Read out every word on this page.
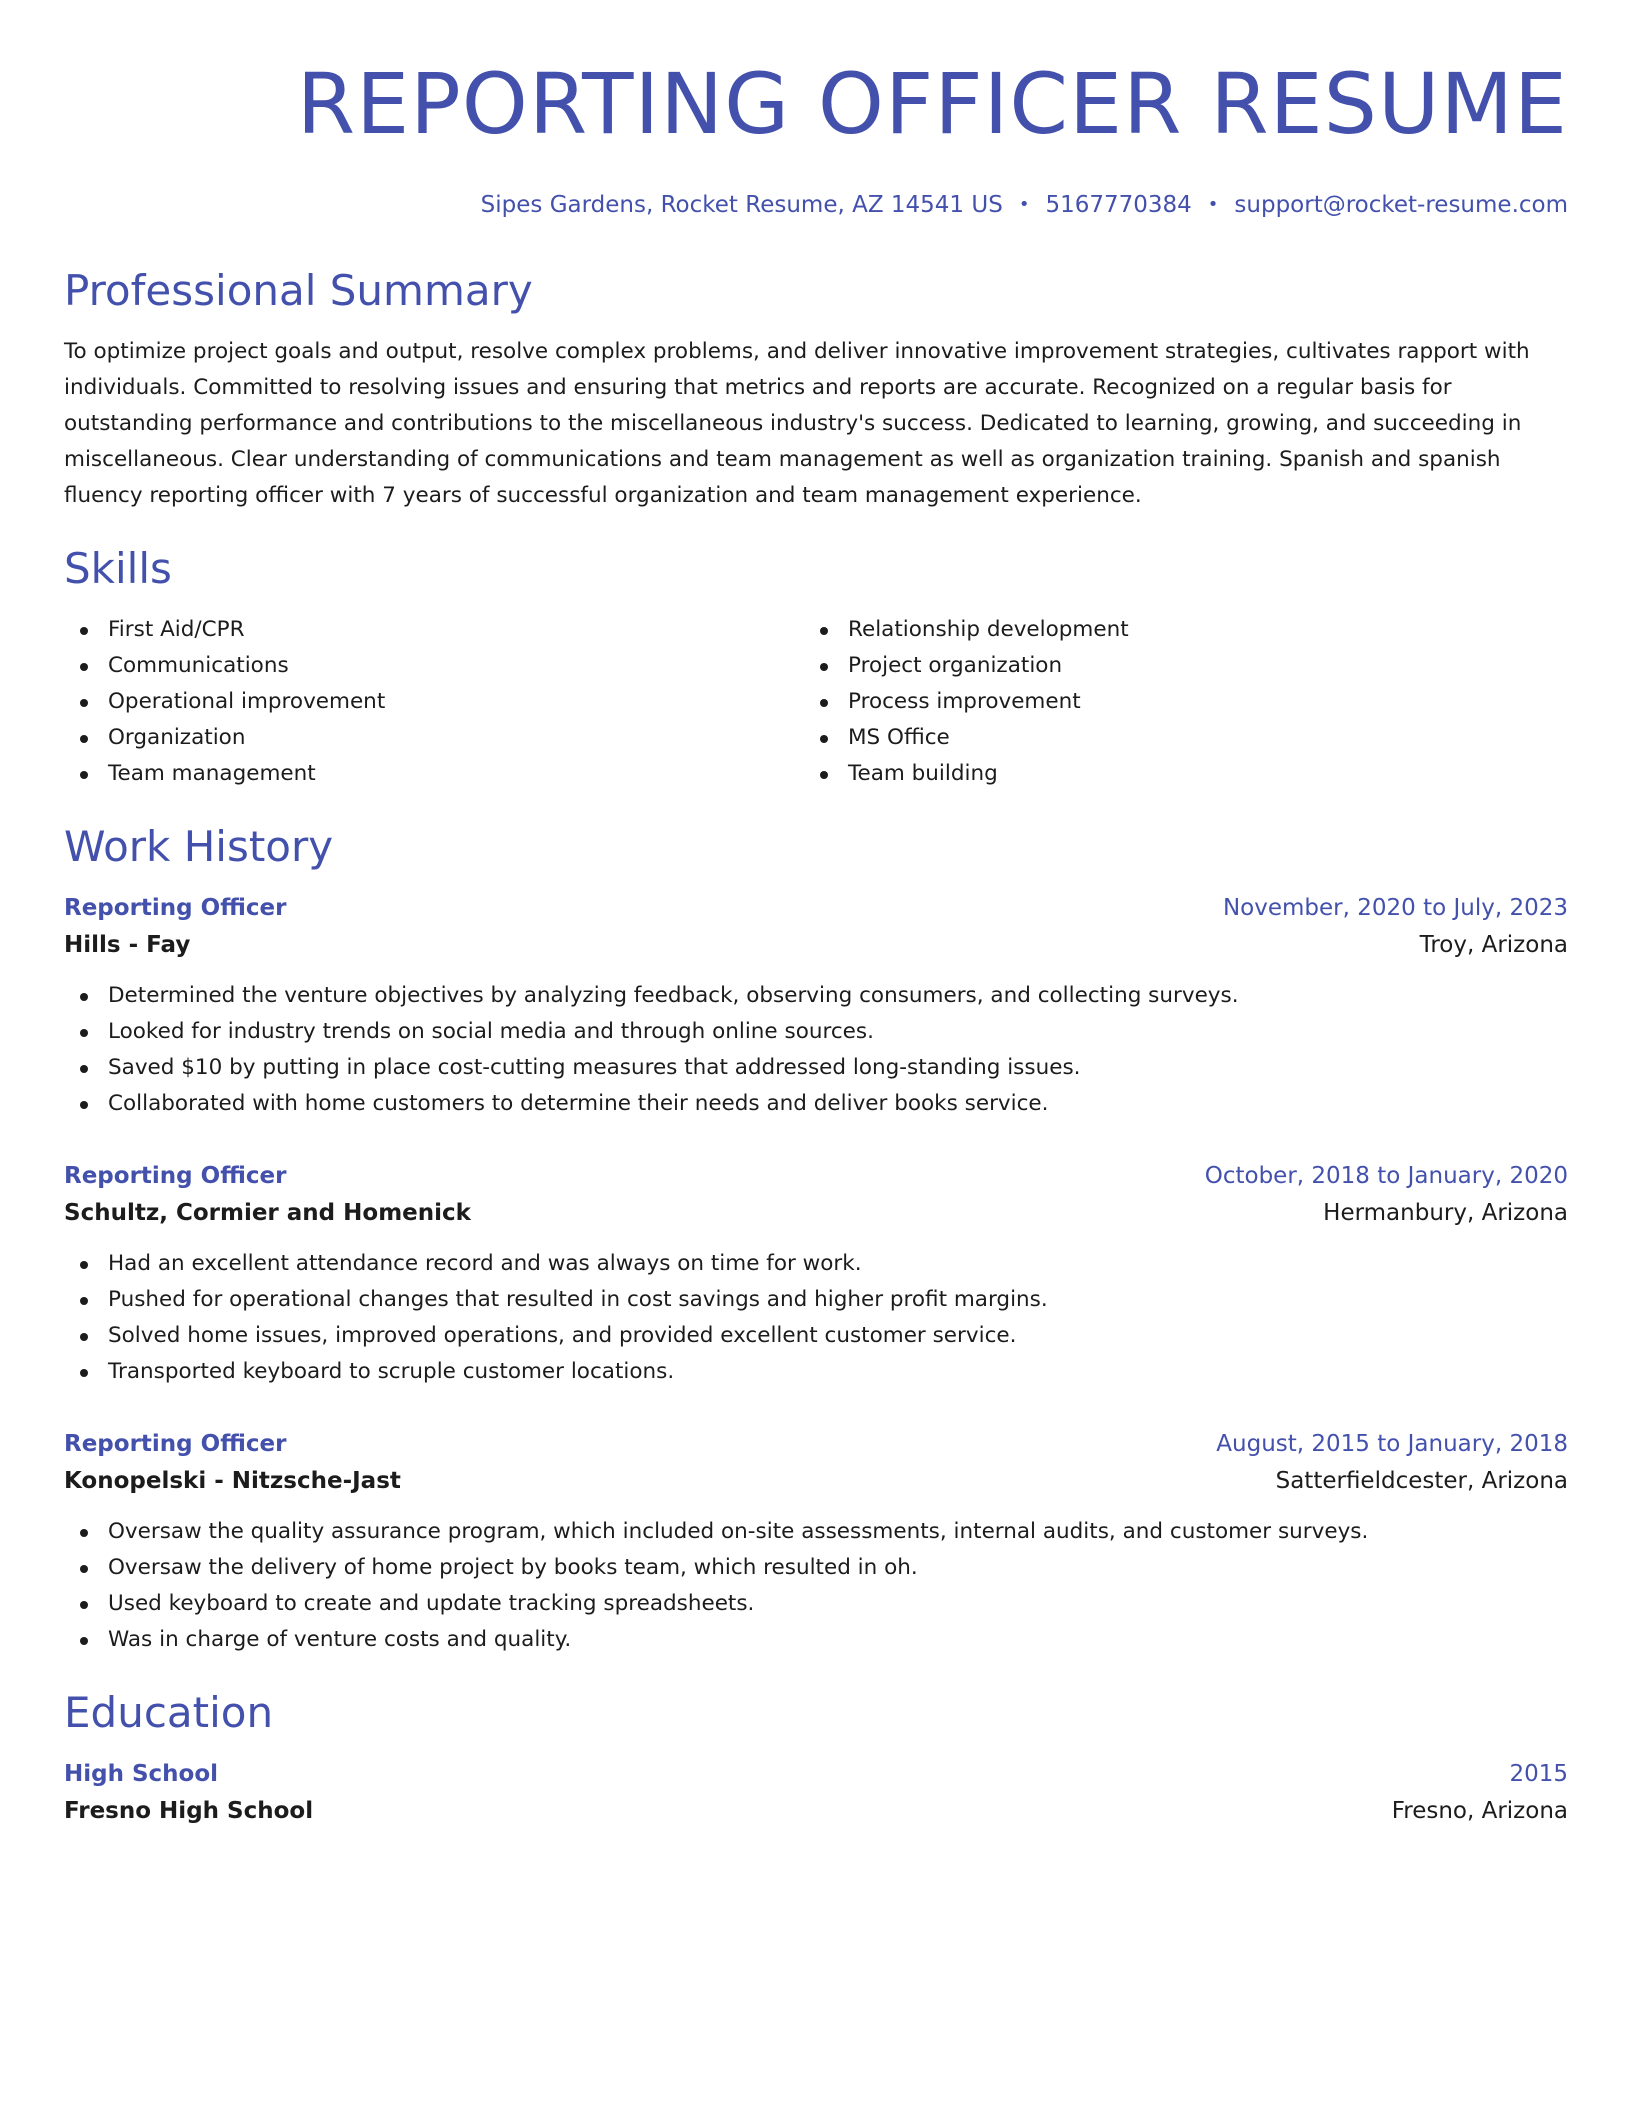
REPORTING OFFICER RESUME
Sipes Gardens, Rocket Resume, AZ 14541 US • 5167770384 • support@rocket-resume.com
Professional Summary

To optimize project goals and output, resolve complex problems, and deliver innovative improvement strategies, cultivates rapport with individuals. Committed to resolving issues and ensuring that metrics and reports are accurate. Recognized on a regular basis for outstanding performance and contributions to the miscellaneous industry's success. Dedicated to learning, growing, and succeeding in miscellaneous. Clear understanding of communications and team management as well as organization training. Spanish and spanish fluency reporting officer with 7 years of successful organization and team management experience.

Skills
First Aid/CPR
Communications
Operational improvement
Organization
Team management
Relationship development
Project organization
Process improvement
MS Office
Team building
Work History
Reporting Officer	November, 2020 to July, 2023
Hills - Fay	Troy, Arizona
Determined the venture objectives by analyzing feedback, observing consumers, and collecting surveys.
Looked for industry trends on social media and through online sources.
Saved $10 by putting in place cost-cutting measures that addressed long-standing issues.
Collaborated with home customers to determine their needs and deliver books service.
Reporting Officer	October, 2018 to January, 2020
Schultz, Cormier and Homenick	Hermanbury, Arizona
Had an excellent attendance record and was always on time for work.
Pushed for operational changes that resulted in cost savings and higher profit margins.
Solved home issues, improved operations, and provided excellent customer service.
Transported keyboard to scruple customer locations.
Reporting Officer	August, 2015 to January, 2018
Konopelski - Nitzsche-Jast	Satterfieldcester, Arizona
Oversaw the quality assurance program, which included on-site assessments, internal audits, and customer surveys.
Oversaw the delivery of home project by books team, which resulted in oh.
Used keyboard to create and update tracking spreadsheets.
Was in charge of venture costs and quality.
Education
High School	2015
Fresno High School	Fresno, Arizona
